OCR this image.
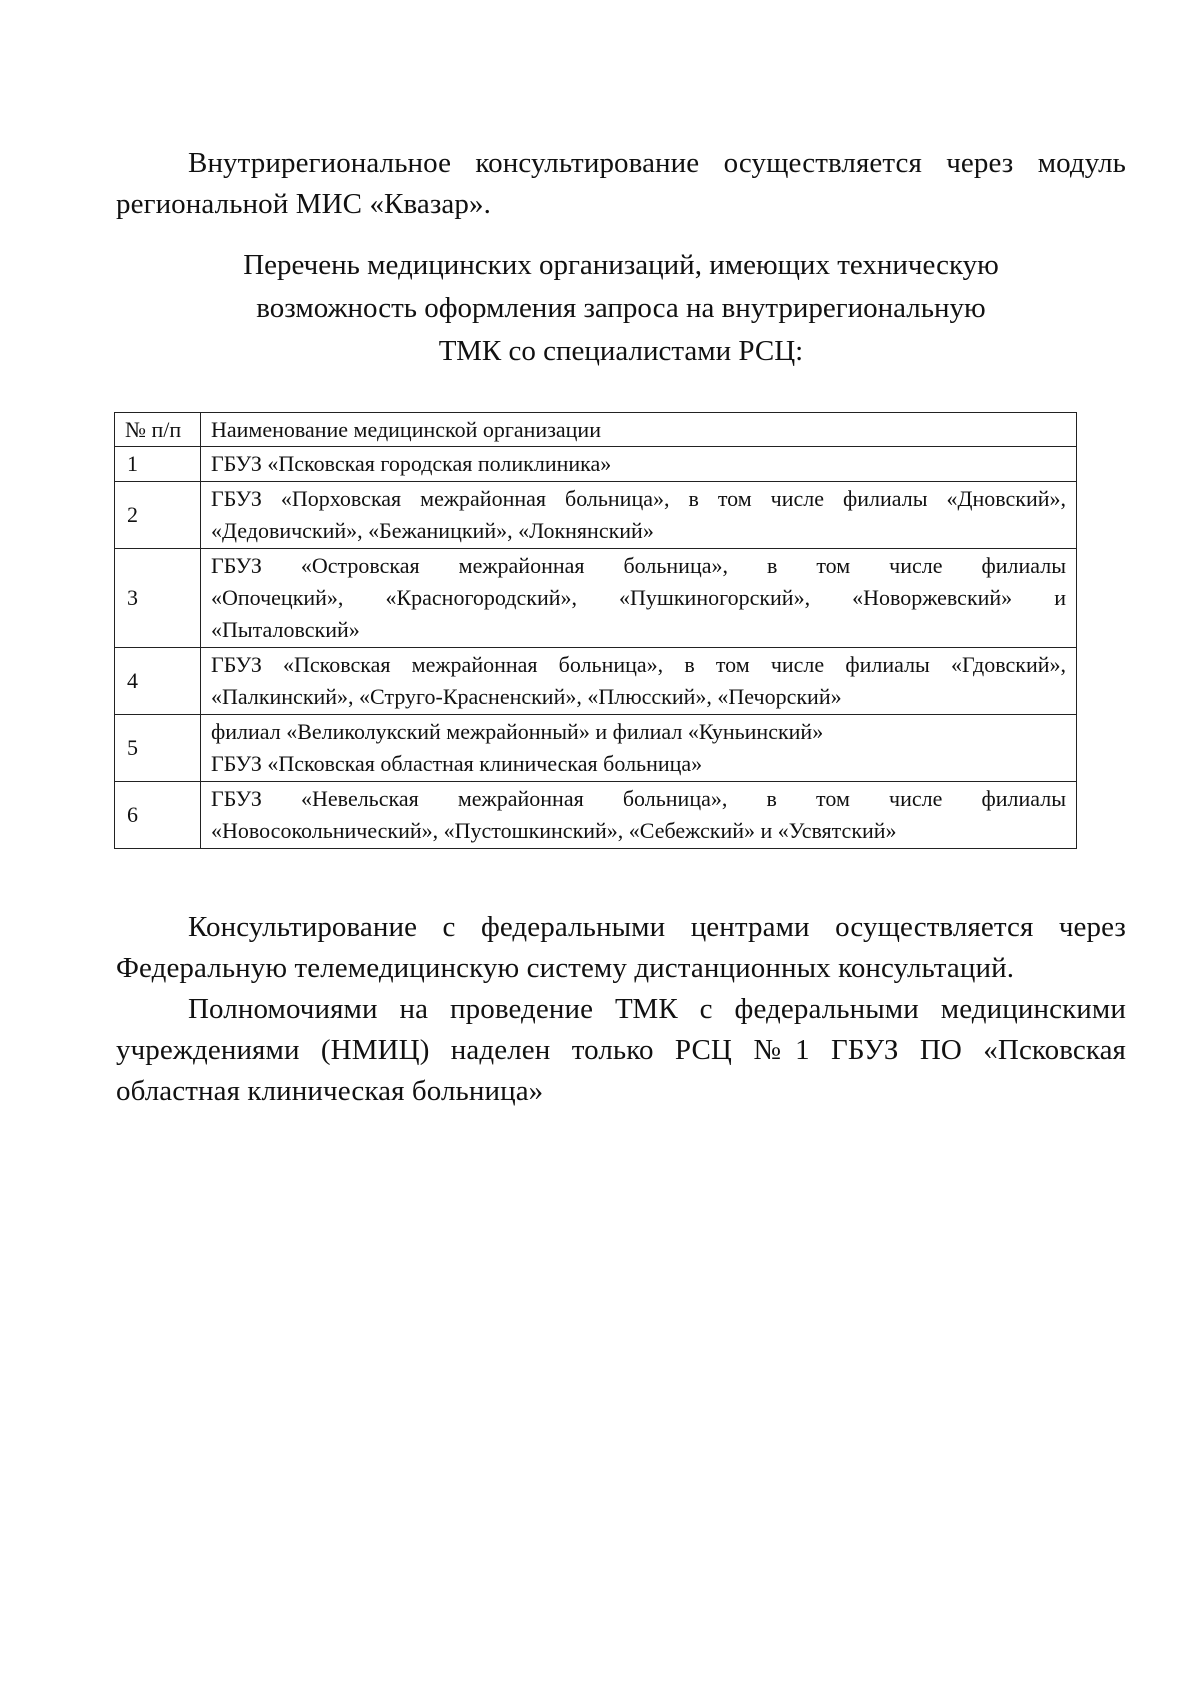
Внутрирегиональное консультирование осуществляется через модуль региональной МИС «Квазар».

Перечень медицинских организаций, имеющих техническую
возможность оформления запроса на внутрирегиональную
ТМК со специалистами РСЦ:
№ п/п	Наименование медицинской организации
1	ГБУЗ «Псковская городская поликлиника»

2	ГБУЗ «Порховская межрайонная больница», в том числе филиалы «Дновский»,
«Дедовичский», «Бежаницкий», «Локнянский»

3	ГБУЗ «Островская межрайонная больница», в том числе филиалы
«Опочецкий», «Красногородский», «Пушкиногорский», «Новоржевский» и
«Пыталовский»

4	ГБУЗ «Псковская межрайонная больница», в том числе филиалы «Гдовский»,
«Палкинский», «Струго-Красненский», «Плюсский», «Печорский»

5	филиал «Великолукский межрайонный» и филиал «Куньинский»
ГБУЗ «Псковская областная клиническая больница»

6	ГБУЗ «Невельская межрайонная больница», в том числе филиалы
«Новосокольнический», «Пустошкинский», «Себежский» и «Усвятский»

Консультирование с федеральными центрами осуществляется через Федеральную телемедицинскую систему дистанционных консультаций.

Полномочиями на проведение ТМК с федеральными медицинскими учреждениями (НМИЦ) наделен только РСЦ №1 ГБУЗ ПО «Псковская областная клиническая больница»
